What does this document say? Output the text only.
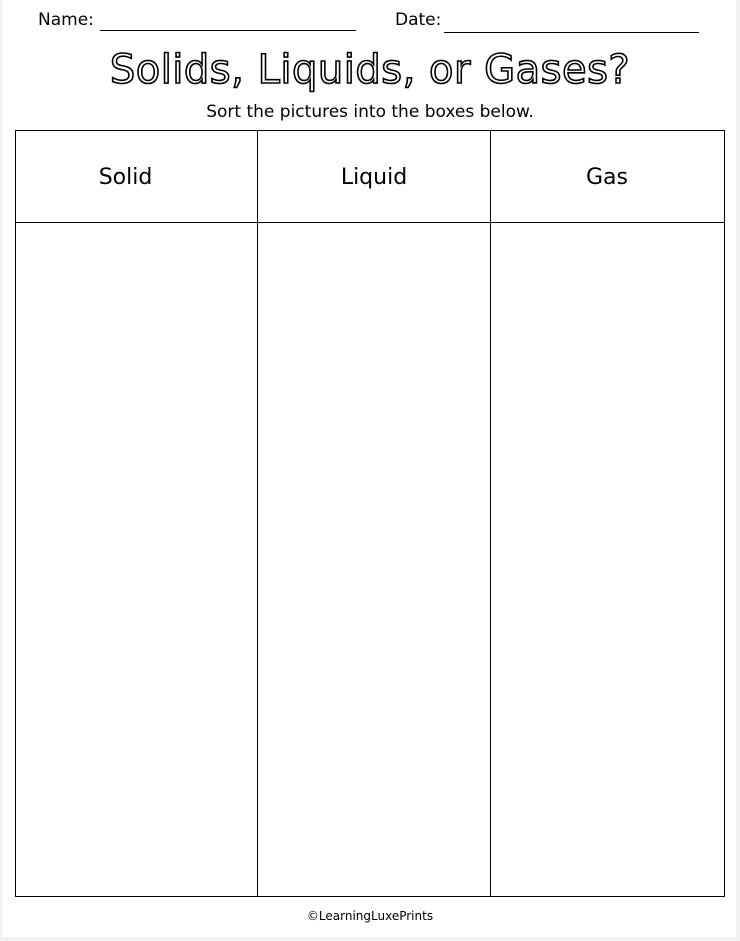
Name:	Date:
Solids, Liquids, or Gases?
Sort the pictures into the boxes below.
Solid	Liquid	Gas
©LearningLuxePrints
